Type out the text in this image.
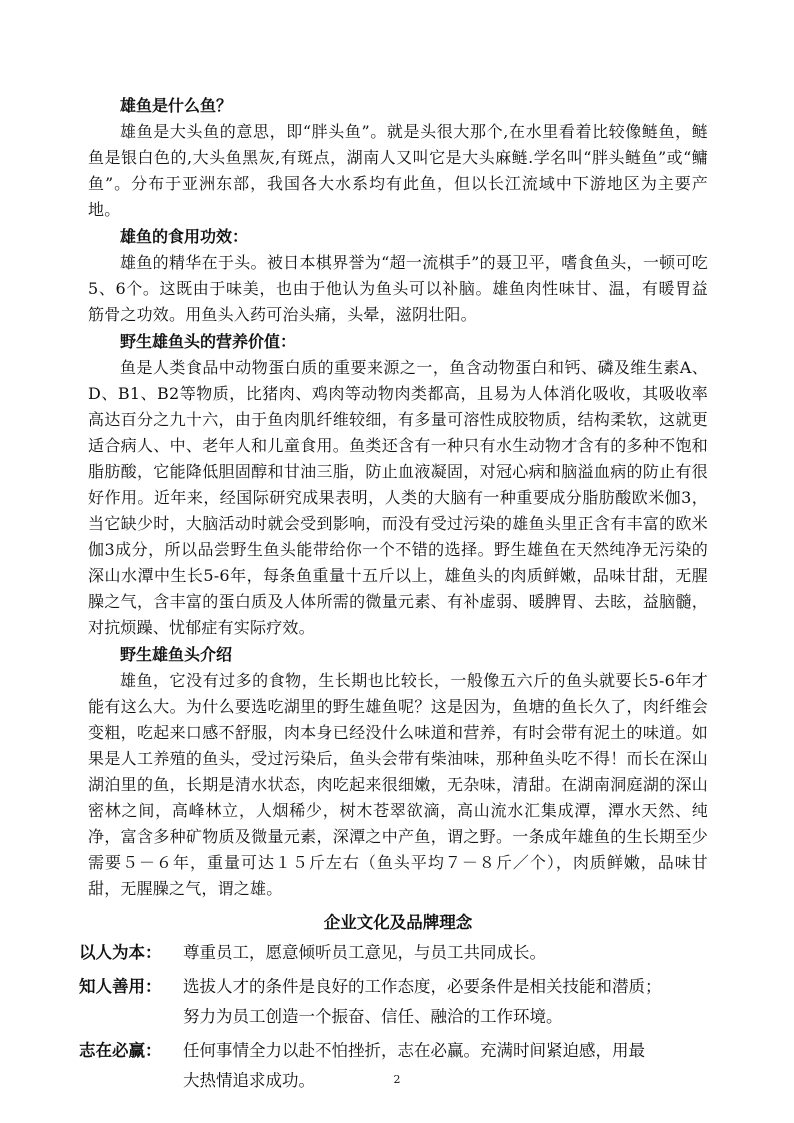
雄鱼是什么鱼？

雄鱼是大头鱼的意思，即“胖头鱼”。就是头很大那个,在水里看着比较像鲢鱼，鲢鱼是银白色的,大头鱼黑灰,有斑点，湖南人又叫它是大头麻鲢.学名叫“胖头鲢鱼”或“鳙鱼”。分布于亚洲东部，我国各大水系均有此鱼，但以长江流域中下游地区为主要产地。

雄鱼的食用功效：

雄鱼的精华在于头。被日本棋界誉为“超一流棋手”的聂卫平，嗜食鱼头，一顿可吃5、6个。这既由于味美，也由于他认为鱼头可以补脑。雄鱼肉性味甘、温，有暖胃益筋骨之功效。用鱼头入药可治头痛，头晕，滋阴壮阳。

野生雄鱼头的营养价值：

鱼是人类食品中动物蛋白质的重要来源之一，鱼含动物蛋白和钙、磷及维生素A、D、B1、B2等物质，比猪肉、鸡肉等动物肉类都高，且易为人体消化吸收，其吸收率高达百分之九十六，由于鱼肉肌纤维较细，有多量可溶性成胶物质，结构柔软，这就更适合病人、中、老年人和儿童食用。鱼类还含有一种只有水生动物才含有的多种不饱和脂肪酸，它能降低胆固醇和甘油三脂，防止血液凝固，对冠心病和脑溢血病的防止有很好作用。近年来，经国际研究成果表明，人类的大脑有一种重要成分脂肪酸欧米伽3，当它缺少时，大脑活动时就会受到影响，而没有受过污染的雄鱼头里正含有丰富的欧米伽3成分，所以品尝野生鱼头能带给你一个不错的选择。野生雄鱼在天然纯净无污染的深山水潭中生长5-6年，每条鱼重量十五斤以上，雄鱼头的肉质鲜嫩，品味甘甜，无腥臊之气，含丰富的蛋白质及人体所需的微量元素、有补虚弱、暖脾胃、去眩，益脑髓，对抗烦躁、忧郁症有实际疗效。

野生雄鱼头介绍

雄鱼，它没有过多的食物，生长期也比较长，一般像五六斤的鱼头就要长5-6年才能有这么大。为什么要选吃湖里的野生雄鱼呢？这是因为，鱼塘的鱼长久了，肉纤维会变粗，吃起来口感不舒服，肉本身已经没什么味道和营养，有时会带有泥土的味道。如果是人工养殖的鱼头，受过污染后，鱼头会带有柴油味，那种鱼头吃不得！而长在深山湖泊里的鱼，长期是清水状态，肉吃起来很细嫩，无杂味，清甜。在湖南洞庭湖的深山密林之间，高峰林立，人烟稀少，树木苍翠欲滴，高山流水汇集成潭，潭水天然、纯净，富含多种矿物质及微量元素，深潭之中产鱼，谓之野。一条成年雄鱼的生长期至少需要５－６年，重量可达１５斤左右（鱼头平均７－８斤／个），肉质鲜嫩，品味甘甜，无腥臊之气，谓之雄。

企业文化及品牌理念

以人为本： 尊重员工，愿意倾听员工意见，与员工共同成长。
知人善用： 选拔人才的条件是良好的工作态度，必要条件是相关技能和潜质；
努力为员工创造一个振奋、信任、融洽的工作环境。
志在必赢： 任何事情全力以赴不怕挫折，志在必赢。充满时间紧迫感，用最
大热情追求成功。	2
